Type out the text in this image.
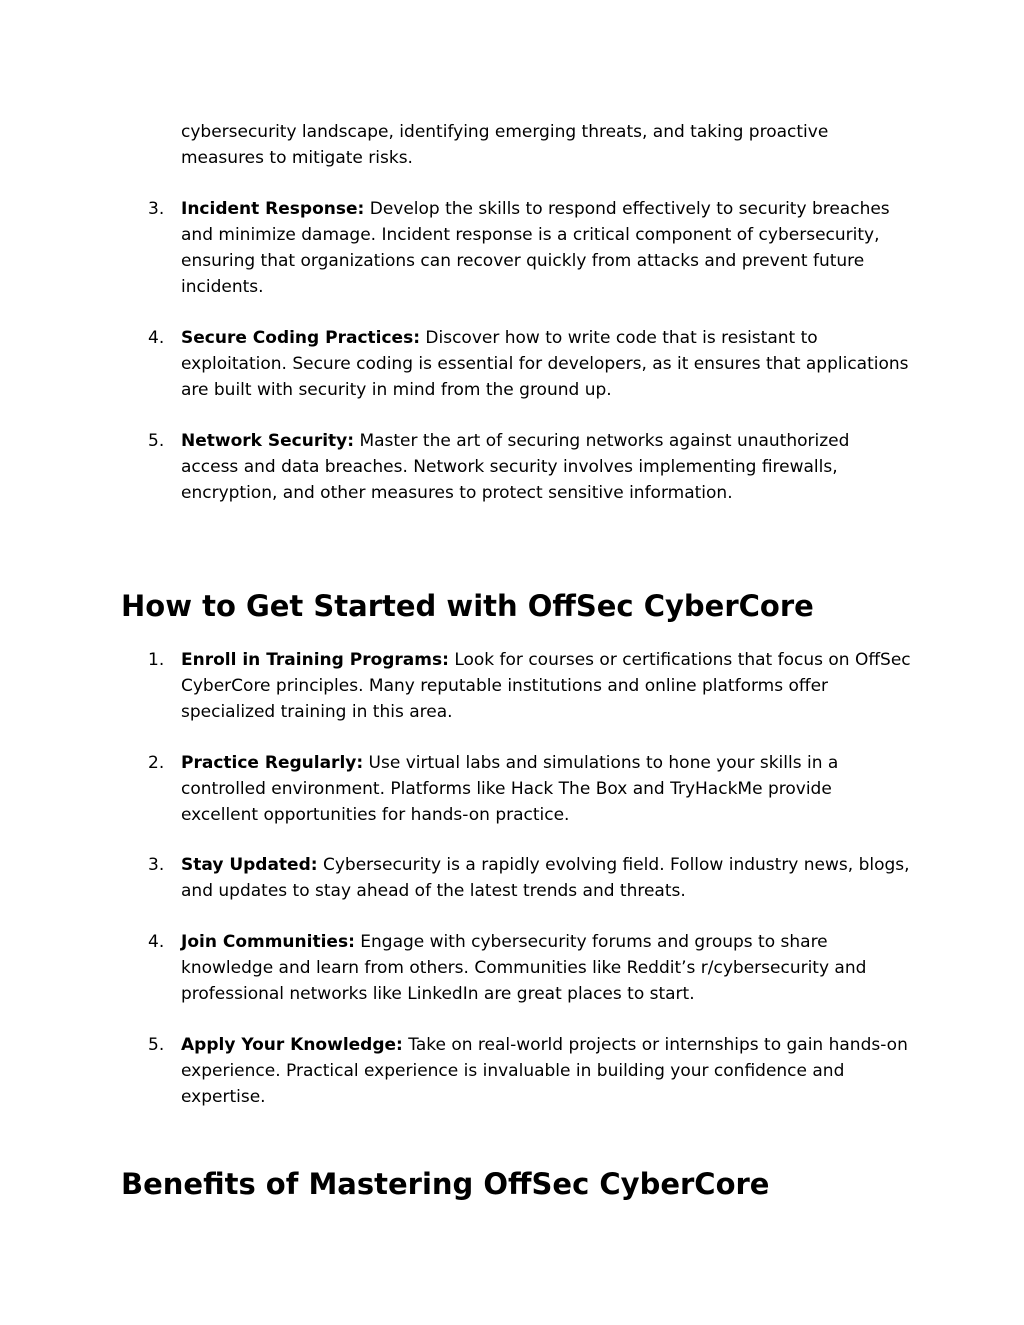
cybersecurity landscape, identifying emerging threats, and taking proactive measures to mitigate risks.

3. Incident Response: Develop the skills to respond effectively to security breaches and minimize damage. Incident response is a critical component of cybersecurity, ensuring that organizations can recover quickly from attacks and prevent future incidents.
4. Secure Coding Practices: Discover how to write code that is resistant to exploitation. Secure coding is essential for developers, as it ensures that applications are built with security in mind from the ground up.
5. Network Security: Master the art of securing networks against unauthorized access and data breaches. Network security involves implementing firewalls, encryption, and other measures to protect sensitive information.
How to Get Started with OffSec CyberCore
1. Enroll in Training Programs: Look for courses or certifications that focus on OffSec CyberCore principles. Many reputable institutions and online platforms offer specialized training in this area.
2. Practice Regularly: Use virtual labs and simulations to hone your skills in a controlled environment. Platforms like Hack The Box and TryHackMe provide excellent opportunities for hands-on practice.
3. Stay Updated: Cybersecurity is a rapidly evolving field. Follow industry news, blogs, and updates to stay ahead of the latest trends and threats.
4. Join Communities: Engage with cybersecurity forums and groups to share knowledge and learn from others. Communities like Reddit’s r/cybersecurity and professional networks like LinkedIn are great places to start.
5. Apply Your Knowledge: Take on real-world projects or internships to gain hands-on experience. Practical experience is invaluable in building your confidence and expertise.
Benefits of Mastering OffSec CyberCore
